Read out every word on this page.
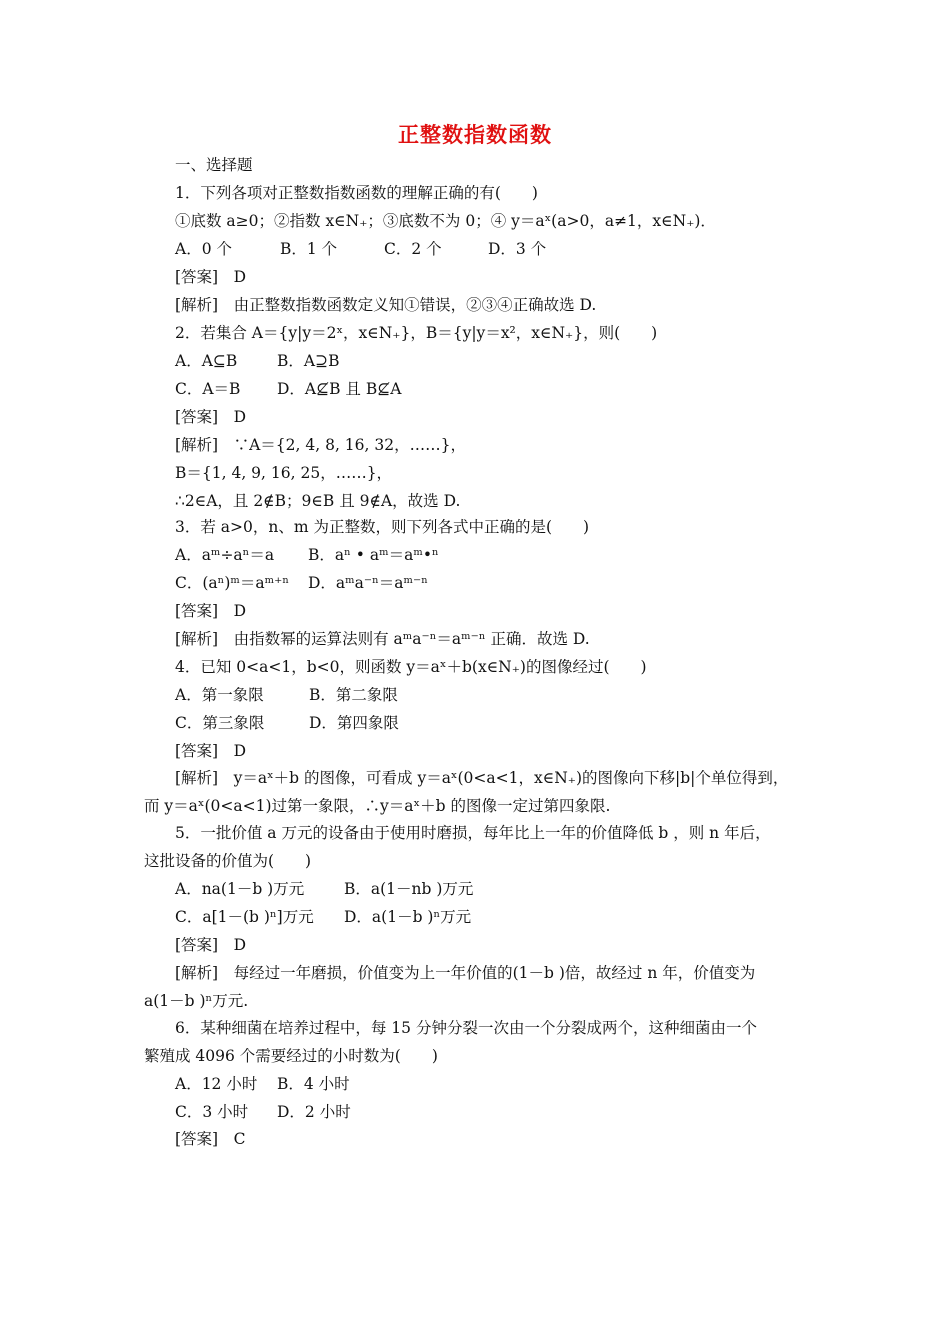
正整数指数函数
一、选择题
1．下列各项对正整数指数函数的理解正确的有(　　)
①底数 a≥0；②指数 x∈N₊；③底数不为 0；④ y＝aˣ(a>0，a≠1，x∈N₊)．
A．0 个	B．1 个	C．2 个	D．3 个
[答案]　D
[解析]　由正整数指数函数定义知①错误，②③④正确故选 D.
2．若集合 A＝{y|y＝2ˣ，x∈N₊}，B＝{y|y＝x²，x∈N₊}，则(　　)
A．A⊆B	B．A⊇B
C．A＝B D．A⊈B 且 B⊈A
[答案]　D
[解析]　∵A＝{2, 4, 8, 16, 32，……}，
B＝{1, 4, 9, 16, 25，……}，
∴2∈A，且 2∉B；9∈B 且 9∉A，故选 D.
3．若 a>0，n、m 为正整数，则下列各式中正确的是(　　)
A．aᵐ÷aⁿ＝a B．aⁿ • aᵐ＝aᵐ•ⁿ
C．(aⁿ)ᵐ＝aᵐ⁺ⁿ D．aᵐa⁻ⁿ＝aᵐ⁻ⁿ
[答案]　D
[解析]　由指数幂的运算法则有 aᵐa⁻ⁿ＝aᵐ⁻ⁿ 正确．故选 D.
4．已知 0<a<1，b<0，则函数 y＝aˣ＋b(x∈N₊)的图像经过(　　)
A．第一象限	B．第二象限
C．第三象限	D．第四象限
[答案]　D
[解析]　y＝aˣ＋b 的图像，可看成 y＝aˣ(0<a<1，x∈N₊)的图像向下移|b|个单位得到，
而 y＝aˣ(0<a<1)过第一象限，∴y＝aˣ＋b 的图像一定过第四象限.
5．一批价值 a 万元的设备由于使用时磨损，每年比上一年的价值降低 b ，则 n 年后，
这批设备的价值为(　　)
A．na(1－b )万元	B．a(1－nb )万元
C．a[1－(b )ⁿ]万元 D．a(1－b )ⁿ万元
[答案]　D
[解析]　每经过一年磨损，价值变为上一年价值的(1－b )倍，故经过 n 年，价值变为
a(1－b )ⁿ万元.
6．某种细菌在培养过程中，每 15 分钟分裂一次由一个分裂成两个，这种细菌由一个
繁殖成 4096 个需要经过的小时数为(　　)
A．12 小时 B．4 小时
C．3 小时 D．2 小时
[答案]　C
